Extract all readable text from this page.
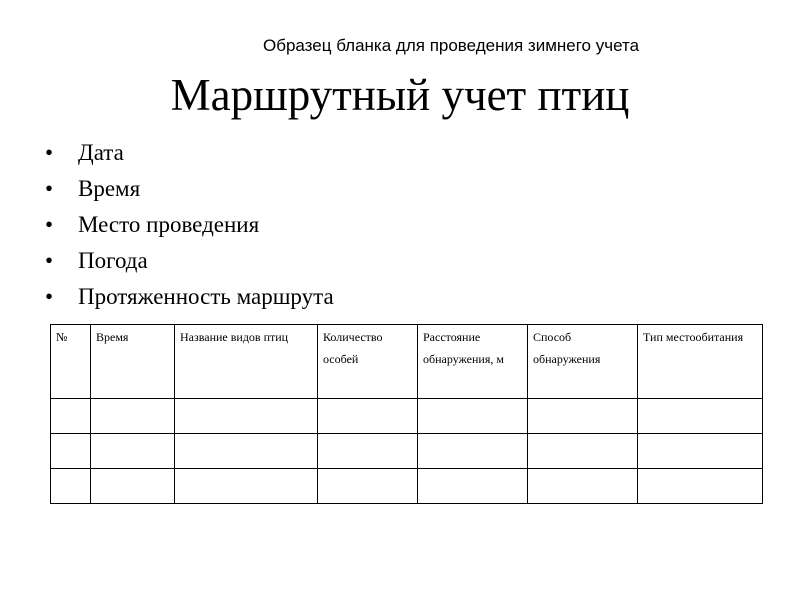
Образец бланка для проведения зимнего учета
Маршрутный учет птиц
• Дата
• Время
• Место проведения
• Погода
• Протяженность маршрута
№	Время	Название видов птиц	Количество особей	Расстояние обнаружения, м	Способ обнаружения	Тип местообитания
